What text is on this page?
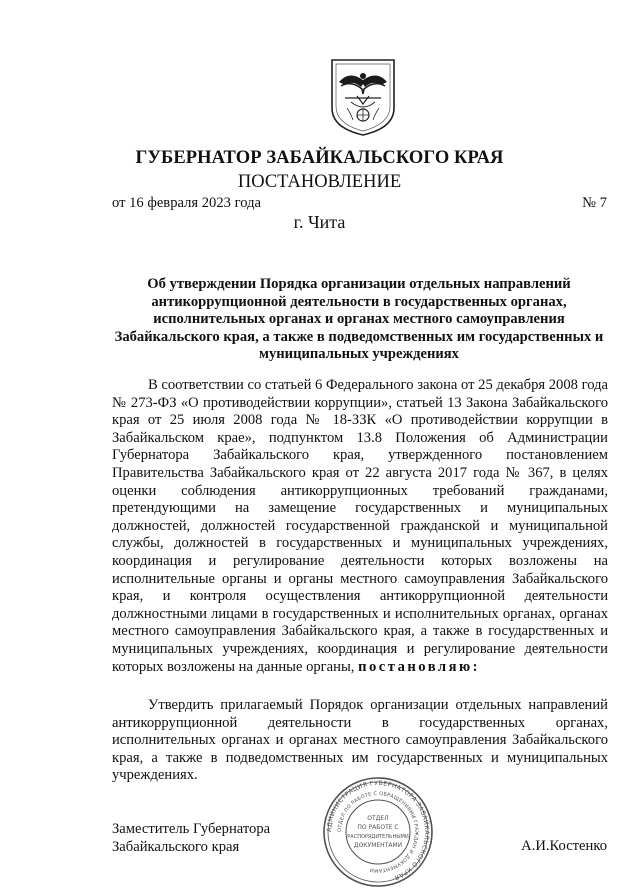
ГУБЕРНАТОР ЗАБАЙКАЛЬСКОГО КРАЯ
ПОСТАНОВЛЕНИЕ
от 16 февраля 2023 года	№ 7
г. Чита
Об утверждении Порядка организации отдельных направлений антикоррупционной деятельности в государственных органах, исполнительных органах и органах местного самоуправления Забайкальского края, а также в подведомственных им государственных и муниципальных учреждениях
В соответствии со статьей 6 Федерального закона от 25 декабря 2008 года № 273-ФЗ «О противодействии коррупции», статьей 13 Закона Забайкальского края от 25 июля 2008 года № 18-ЗЗК «О противодействии коррупции в Забайкальском крае», подпунктом 13.8 Положения об Администрации Губернатора Забайкальского края, утвержденного постановлением Правительства Забайкальского края от 22 августа 2017 года № 367, в целях оценки соблюдения антикоррупционных требований гражданами, претендующими на замещение государственных и муниципальных должностей, должностей государственной гражданской и муниципальной службы, должностей в государственных и муниципальных учреждениях, координация и регулирование деятельности которых возложены на исполнительные органы и органы местного самоуправления Забайкальского края, и контроля осуществления антикоррупционной деятельности должностными лицами в государственных и исполнительных органах, органах местного самоуправления Забайкальского края, а также в государственных и муниципальных учреждениях, координация и регулирование деятельности которых возложены на данные органы, постановляю:
Утвердить прилагаемый Порядок организации отдельных направлений антикоррупционной деятельности в государственных органах, исполнительных органах и органах местного самоуправления Забайкальского края, а также в подведомственных им государственных и муниципальных учреждениях.
Заместитель Губернатора
Забайкальского края	А.И.Костенко
АДМИНИСТРАЦИЯ ГУБЕРНАТОРА ЗАБАЙКАЛЬСКОГО КРАЯ
ОТДЕЛ ПО РАБОТЕ С ОБРАЩЕНИЯМИ ГРАЖДАН И ДОКУМЕНТАМИ
ОТДЕЛ
ПО РАБОТЕ С
РАСПОРЯДИТЕЛЬНЫМИ
ДОКУМЕНТАМИ
